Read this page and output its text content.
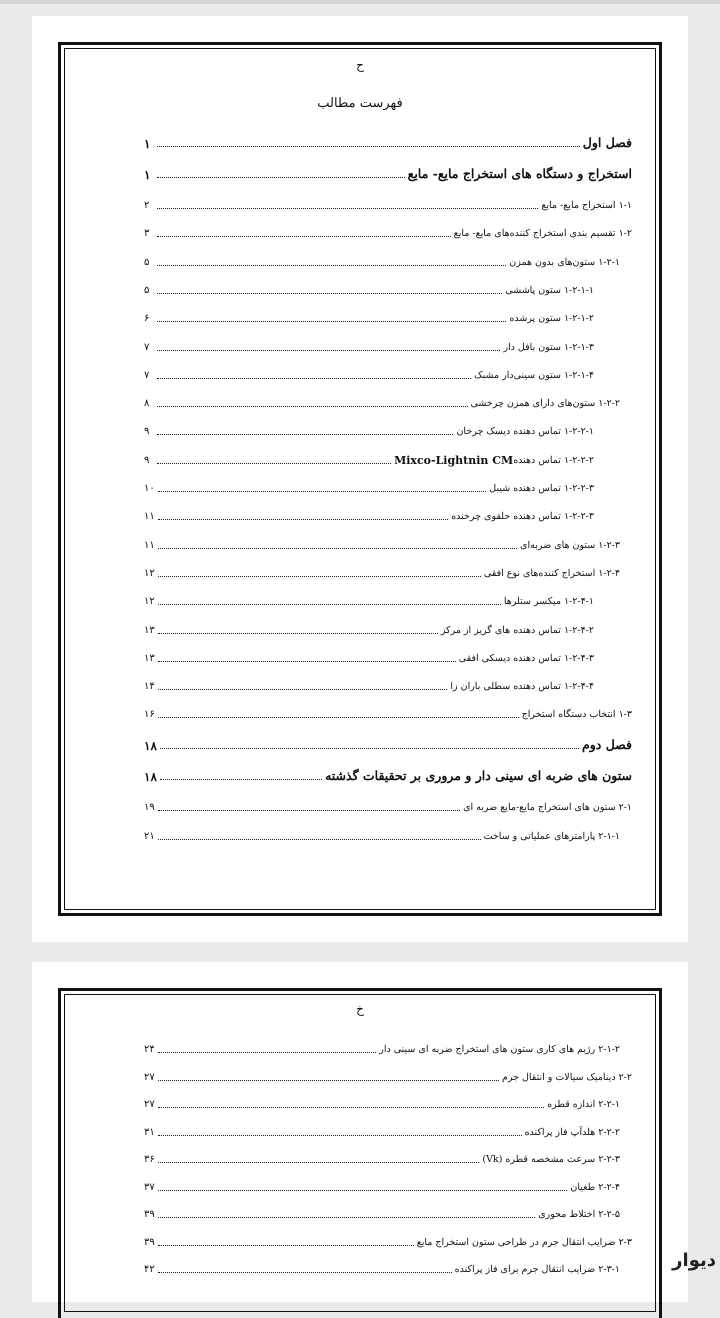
ح
فهرست مطالب
فصل اول
۱
استخراج و دستگاه های استخراج مایع- مایع
۱
۱-۱ استخراج مایع- مایع
۲
۱-۲ تقسیم بندی استخراج کننده‌های مایع- مایع
۳
۱-۲-۱ ستون‌های بدون همزن
۵
۱-۲-۱-۱ ستون پاششی
۵
۱-۲-۱-۲ ستون پرشده
۶
۱-۲-۱-۳ ستون بافل دار
۷
۱-۲-۱-۴ ستون سینی‌دار مشبک
۷
۱-۲-۲ ستون‌های دارای همزن چرخشی
۸
۱-۲-۲-۱ تماس دهنده دیسک چرخان
۹
۱-۲-۲-۲ تماس دهنده
Mixco-Lightnin CM
۹
۱-۲-۲-۳ تماس دهنده شیبل
۱۰
۱-۲-۲-۳ تماس دهنده حلقوی چرخنده
۱۱
۱-۲-۳ ستون های ضربه‌ای
۱۱
۱-۲-۴ استخراج کننده‌های نوع افقی
۱۲
۱-۲-۴-۱ میکسر ستلرها
۱۲
۱-۲-۴-۲ تماس دهنده های گریز از مرکز
۱۳
۱-۲-۴-۳ تماس دهنده دیسکی افقی
۱۳
۱-۲-۴-۴ تماس دهنده سطلی باران زا
۱۴
۱-۳ انتخاب دستگاه استخراج
۱۶
فصل دوم
۱۸
ستون های ضربه ای سینی دار و مروری بر تحقیقات گذشته
۱۸
۲-۱ ستون های استخراج مایع-مایع ضربه ای
۱۹
۲-۱-۱ پارامترهای عملیاتی و ساخت
۲۱
خ
۲-۱-۲ رژیم های کاری ستون های استخراج ضربه ای سینی دار
۲۴
۲-۲ دینامیک سیالات و انتقال جرم
۲۷
۲-۲-۱ اندازه قطره
۲۷
۲-۲-۲ هلدآپ فاز پراکنده
۳۱
۲-۲-۳ سرعت مشخصه قطره (Vk)
۳۶
۲-۲-۴ طغیان
۳۷
۲-۲-۵ اختلاط محوری
۳۹
۲-۳ ضرایب انتقال جرم در طراحی ستون استخراج مایع
۳۹
۲-۳-۱ ضرایب انتقال جرم برای فاز پراکنده
۴۲	دیوار
